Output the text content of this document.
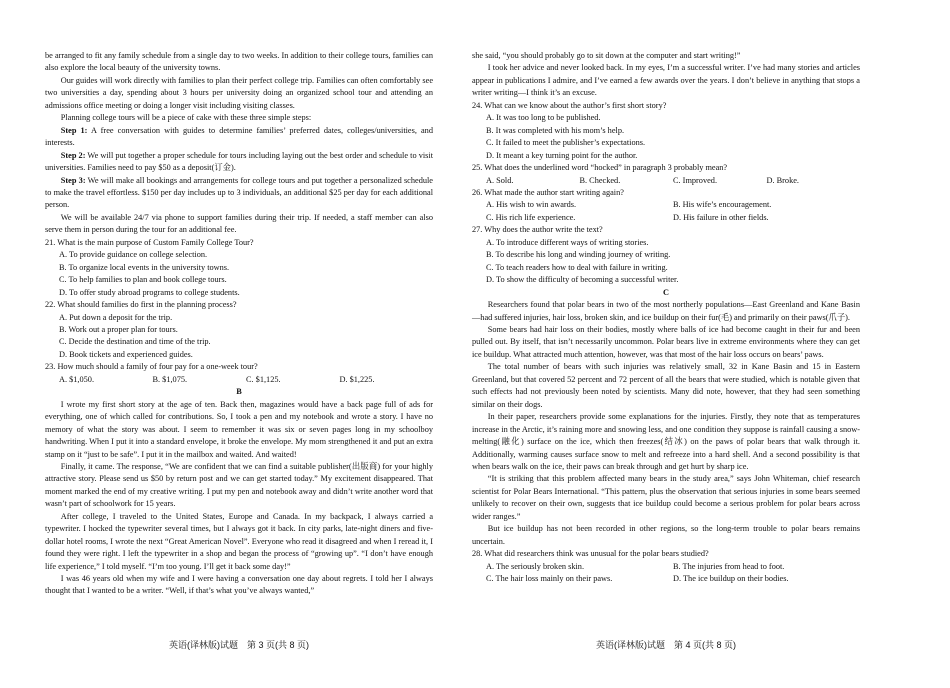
be arranged to fit any family schedule from a single day to two weeks. In addition to their college tours, families can also explore the local beauty of the university towns.

Our guides will work directly with families to plan their perfect college trip. Families can often comfortably see two universities a day, spending about 3 hours per university doing an organized school tour and attending an admissions office meeting or doing a longer visit including visiting classes.

Planning college tours will be a piece of cake with these three simple steps:

Step 1: A free conversation with guides to determine families’ preferred dates, colleges/universities, and interests.

Step 2: We will put together a proper schedule for tours including laying out the best order and schedule to visit universities. Families need to pay $50 as a deposit(订金).

Step 3: We will make all bookings and arrangements for college tours and put together a personalized schedule to make the travel effortless. $150 per day includes up to 3 individuals, an additional $25 per day for each additional person.

We will be available 24/7 via phone to support families during their trip. If needed, a staff member can also serve them in person during the tour for an additional fee.

21. What is the main purpose of Custom Family College Tour?

A. To provide guidance on college selection.

B. To organize local events in the university towns.

C. To help families to plan and book college tours.

D. To offer study abroad programs to college students.

22. What should families do first in the planning process?

A. Put down a deposit for the trip.

B. Work out a proper plan for tours.

C. Decide the destination and time of the trip.

D. Book tickets and experienced guides.

23. How much should a family of four pay for a one-week tour?

A. $1,050.	B. $1,075.	C. $1,125.	D. $1,225.

B

I wrote my first short story at the age of ten. Back then, magazines would have a back page full of ads for everything, one of which called for contributions. So, I took a pen and my notebook and wrote a story. I have no memory of what the story was about. I seem to remember it was six or seven pages long in my schoolboy handwriting. When I put it into a standard envelope, it broke the envelope. My mom strengthened it and put an extra stamp on it “just to be safe”. I put it in the mailbox and waited. And waited!

Finally, it came. The response, “We are confident that we can find a suitable publisher(出版商) for your highly attractive story. Please send us $50 by return post and we can get started today.” My excitement disappeared. That moment marked the end of my creative writing. I put my pen and notebook away and didn’t write another word that wasn’t part of schoolwork for 15 years.

After college, I traveled to the United States, Europe and Canada. In my backpack, I always carried a typewriter. I hocked the typewriter several times, but I always got it back. In city parks, late-night diners and five-dollar hotel rooms, I wrote the next “Great American Novel”. Everyone who read it disagreed and when I reread it, I found they were right. I left the typewriter in a shop and began the process of “growing up”. “I don’t have enough life experience,” I told myself. “I’m too young. I’ll get it back some day!”

I was 46 years old when my wife and I were having a conversation one day about regrets. I told her I always thought that I wanted to be a writer. “Well, if that’s what you’ve always wanted,”

英语(译林版)试题　第 3 页(共 8 页)

she said, “you should probably go to sit down at the computer and start writing!”

I took her advice and never looked back. In my eyes, I’m a successful writer. I’ve had many stories and articles appear in publications I admire, and I’ve earned a few awards over the years. I don’t believe in anything that stops a writer writing—I think it’s an excuse.

24. What can we know about the author’s first short story?

A. It was too long to be published.

B. It was completed with his mom’s help.

C. It failed to meet the publisher’s expectations.

D. It meant a key turning point for the author.

25. What does the underlined word “hocked” in paragraph 3 probably mean?

A. Sold.	B. Checked.	C. Improved.	D. Broke.

26. What made the author start writing again?

A. His wish to win awards.	B. His wife’s encouragement.

C. His rich life experience.	D. His failure in other fields.

27. Why does the author write the text?

A. To introduce different ways of writing stories.

B. To describe his long and winding journey of writing.

C. To teach readers how to deal with failure in writing.

D. To show the difficulty of becoming a successful writer.

C

Researchers found that polar bears in two of the most northerly populations—East Greenland and Kane Basin—had suffered injuries, hair loss, broken skin, and ice buildup on their fur(毛) and primarily on their paws(爪子).

Some bears had hair loss on their bodies, mostly where balls of ice had become caught in their fur and been pulled out. By itself, that isn’t necessarily uncommon. Polar bears live in extreme environments where they can get ice buildup. What attracted much attention, however, was that most of the hair loss occurs on bears’ paws.

The total number of bears with such injuries was relatively small, 32 in Kane Basin and 15 in Eastern Greenland, but that covered 52 percent and 72 percent of all the bears that were studied, which is notable given that such effects had not previously been noted by scientists. Many did note, however, that they had seen something similar on their dogs.

In their paper, researchers provide some explanations for the injuries. Firstly, they note that as temperatures increase in the Arctic, it’s raining more and snowing less, and one condition they suppose is rainfall causing a snow-melting(融化) surface on the ice, which then freezes(结冰) on the paws of polar bears that walk through it. Additionally, warming causes surface snow to melt and refreeze into a hard shell. And a second possibility is that when bears walk on the ice, their paws can break through and get hurt by sharp ice.

“It is striking that this problem affected many bears in the study area,” says John Whiteman, chief research scientist for Polar Bears International. “This pattern, plus the observation that serious injuries in some bears seemed unlikely to recover on their own, suggests that ice buildup could become a serious problem for polar bears across wider ranges.”

But ice buildup has not been recorded in other regions, so the long-term trouble to polar bears remains uncertain.

28. What did researchers think was unusual for the polar bears studied?

A. The seriously broken skin.	B. The injuries from head to foot.

C. The hair loss mainly on their paws.	D. The ice buildup on their bodies.

英语(译林版)试题　第 4 页(共 8 页)
